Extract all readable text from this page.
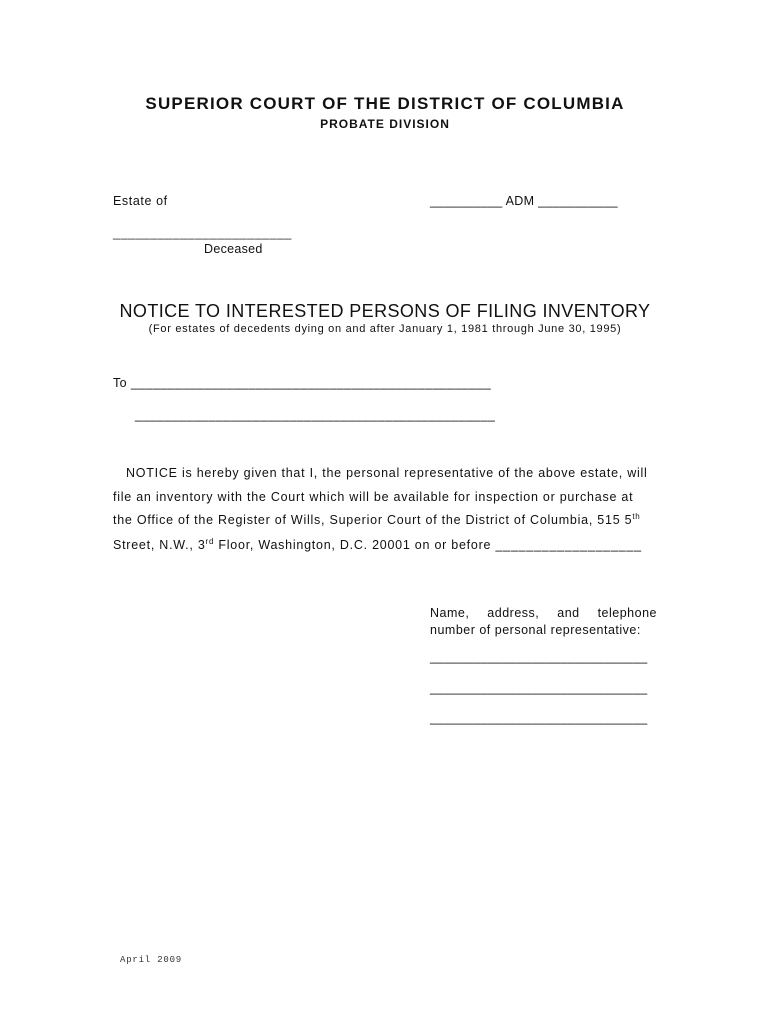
SUPERIOR COURT OF THE DISTRICT OF COLUMBIA
PROBATE DIVISION
Estate of	__________ ADM ___________
________________________
Deceased
NOTICE TO INTERESTED PERSONS OF FILING INVENTORY
(For estates of decedents dying on and after January 1, 1981 through June 30, 1995)
To _________________________________________________
_________________________________________________
NOTICE is hereby given that I, the personal representative of the above estate, will
file an inventory with the Court which will be available for inspection or purchase at
the Office of the Register of Wills, Superior Court of the District of Columbia, 515 5th
Street, N.W., 3rd Floor, Washington, D.C. 20001 on or before ___________________
Name, address, and telephone number of personal representative:
______________________________
______________________________
______________________________
April 2009
